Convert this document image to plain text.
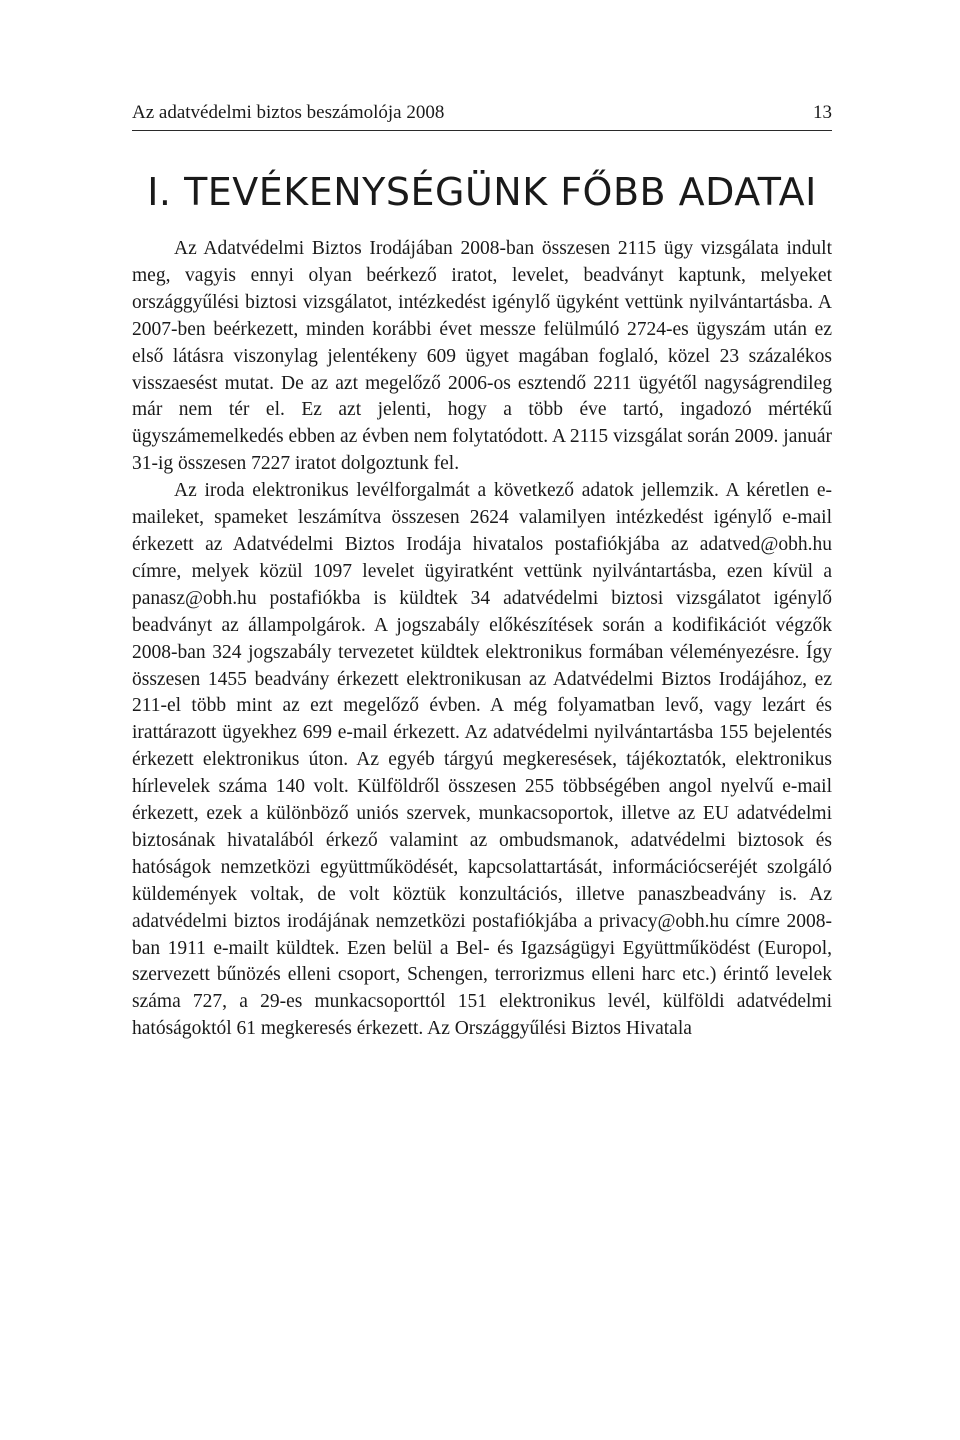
Az adatvédelmi biztos beszámolója 2008	13
I. TEVÉKENYSÉGÜNK FŐBB ADATAI

Az Adatvédelmi Biztos Irodájában 2008-ban összesen 2115 ügy vizsgálata indult meg, vagyis ennyi olyan beérkező iratot, levelet, beadványt kaptunk, melyeket országgyűlési biztosi vizsgálatot, intézkedést igénylő ügyként vettünk nyilvántartásba. A 2007-ben beérkezett, minden korábbi évet messze felülmúló 2724-es ügyszám után ez első látásra viszonylag jelentékeny 609 ügyet magában foglaló, közel 23 százalékos visszaesést mutat. De az azt megelőző 2006-os esztendő 2211 ügyétől nagyságrendileg már nem tér el. Ez azt jelenti, hogy a több éve tartó, ingadozó mértékű ügyszámemelkedés ebben az évben nem folytatódott. A 2115 vizsgálat során 2009. január 31-ig összesen 7227 iratot dolgoztunk fel.

Az iroda elektronikus levélforgalmát a következő adatok jellemzik. A kéretlen e-maileket, spameket leszámítva összesen 2624 valamilyen intézkedést igénylő e-mail érkezett az Adatvédelmi Biztos Irodája hivatalos postafiókjába az adatved@obh.hu címre, melyek közül 1097 levelet ügyiratként vettünk nyilvántartásba, ezen kívül a panasz@obh.hu postafiókba is küldtek 34 adatvédelmi biztosi vizsgálatot igénylő beadványt az állampolgárok. A jogszabály előkészítések során a kodifikációt végzők 2008-ban 324 jogszabály tervezetet küldtek elektronikus formában véleményezésre. Így összesen 1455 beadvány érkezett elektronikusan az Adatvédelmi Biztos Irodájához, ez 211-el több mint az ezt megelőző évben. A még folyamatban levő, vagy lezárt és irattárazott ügyekhez 699 e-mail érkezett. Az adatvédelmi nyilvántartásba 155 bejelentés érkezett elektronikus úton. Az egyéb tárgyú megkeresések, tájékoztatók, elektronikus hírlevelek száma 140 volt. Külföldről összesen 255 többségében angol nyelvű e-mail érkezett, ezek a különböző uniós szervek, munkacsoportok, illetve az EU adatvédelmi biztosának hivatalából érkező valamint az ombudsmanok, adatvédelmi biztosok és hatóságok nemzetközi együttműködését, kapcsolattartását, információcseréjét szolgáló küldemények voltak, de volt köztük konzultációs, illetve panaszbeadvány is. Az adatvédelmi biztos irodájának nemzetközi postafiókjába a privacy@obh.hu címre 2008-ban 1911 e-mailt küldtek. Ezen belül a Bel- és Igazságügyi Együttműködést (Europol, szervezett bűnözés elleni csoport, Schengen, terrorizmus elleni harc etc.) érintő levelek száma 727, a 29-es munkacsoporttól 151 elektronikus levél, külföldi adatvédelmi hatóságoktól 61 megkeresés érkezett. Az Országgyűlési Biztos Hivatala
